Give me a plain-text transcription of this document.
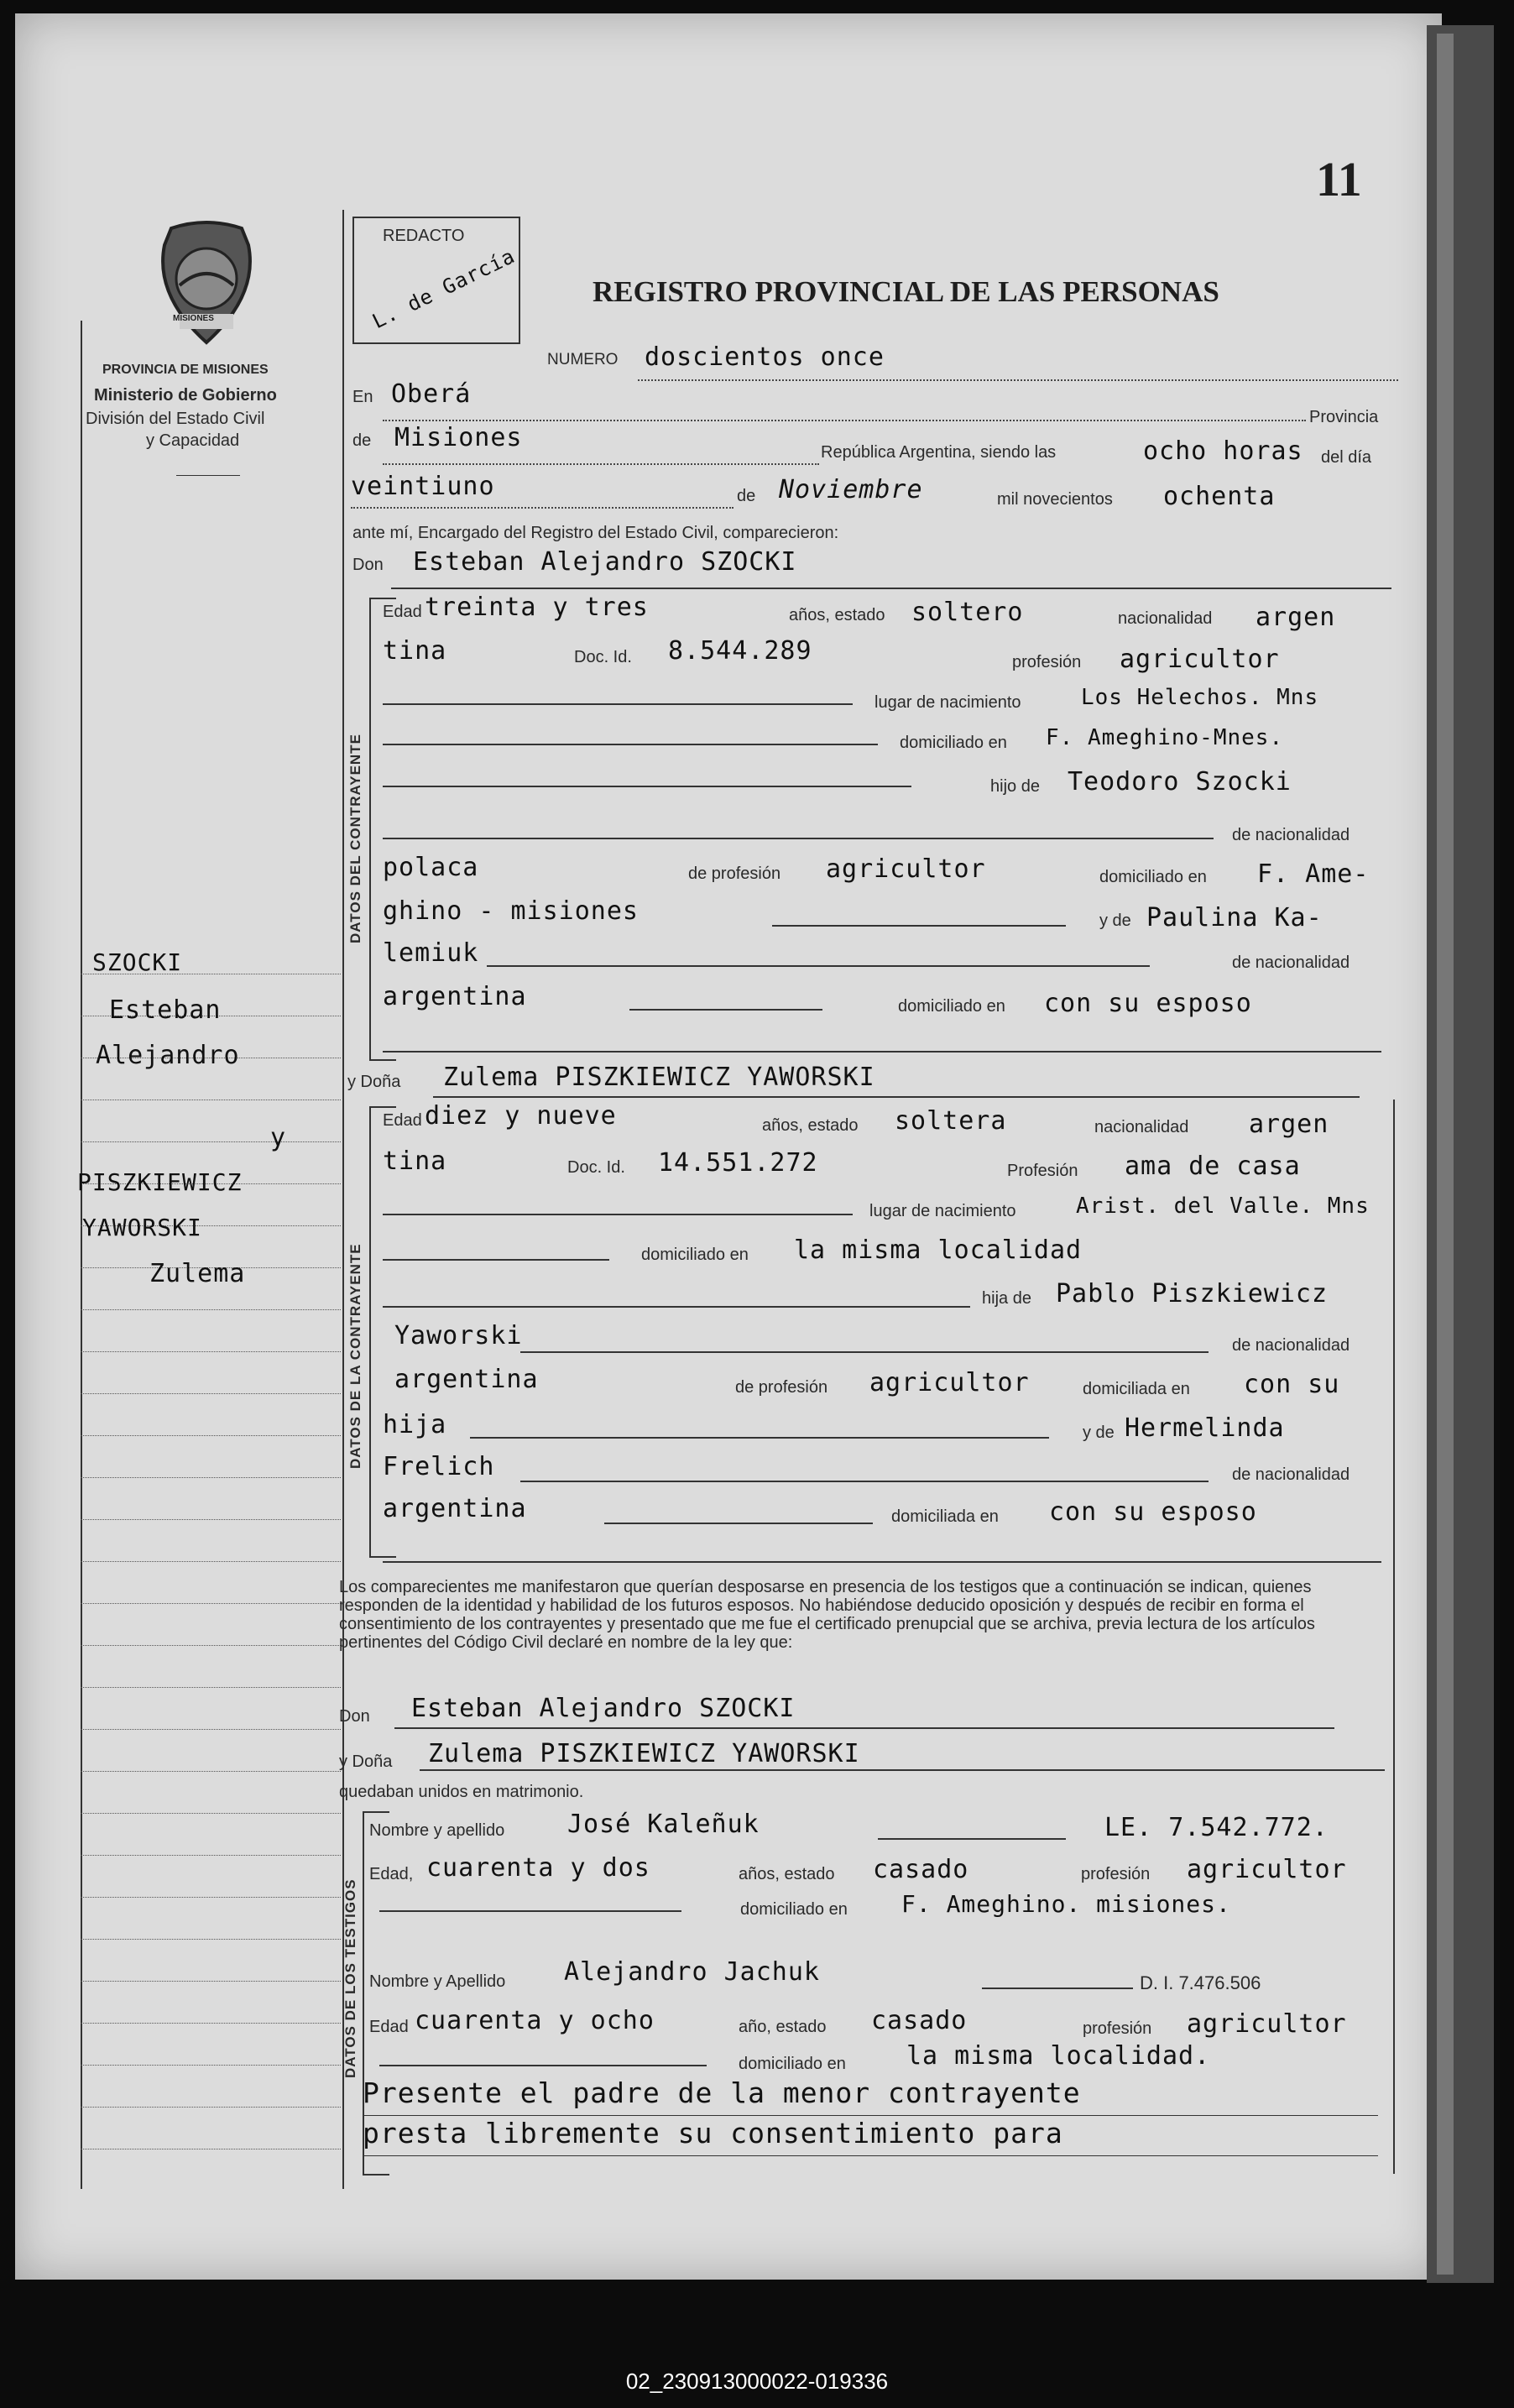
11
MISIONES
PROVINCIA DE MISIONES
Ministerio de Gobierno
División del Estado Civil
y Capacidad
REDACTO
L. de García	REGISTRO PROVINCIAL DE LAS PERSONAS
SZOCKI
Esteban
Alejandro
y
PISZKIEWICZ
YAWORSKI
Zulema
NUMERO doscientos once
En Oberá
Provincia
de Misiones	República Argentina, siendo las	ocho horas del día
veintiuno	de Noviembre	mil novecientos ochenta
ante mí, Encargado del Registro del Estado Civil, comparecieron:
Don Esteban Alejandro SZOCKI
DATOS DEL CONTRAYENTE
Edad treinta y tres	años, estado soltero	nacionalidad argen
tina	Doc. Id. 8.544.289	profesión agricultor
lugar de nacimiento	Los Helechos. Mns
domiciliado en F. Ameghino-Mnes.
hijo de Teodoro Szocki
de nacionalidad
polaca	de profesión agricultor	domiciliado en F. Ame-
ghino - misiones	y de Paulina Ka-
lemiuk	de nacionalidad
argentina	domiciliado en con su esposo
y Doña Zulema PISZKIEWICZ YAWORSKI
DATOS DE LA CONTRAYENTE
Edad diez y nueve	años, estado soltera	nacionalidad argen
tina	Doc. Id. 14.551.272	Profesión ama de casa
lugar de nacimiento	Arist. del Valle. Mns
domiciliado en la misma localidad
hija de Pablo Piszkiewicz
Yaworski	de nacionalidad
argentina	de profesión agricultor	domiciliada en con su
hija	y de Hermelinda
Frelich	de nacionalidad
argentina	domiciliada en con su esposo
Los comparecientes me manifestaron que querían desposarse en presencia de los testigos que a continuación se indican, quienes responden de la identidad y habilidad de los futuros esposos. No habiéndose deducido oposición y después de recibir en forma el consentimiento de los contrayentes y presentado que me fue el certificado prenupcial que se archiva, previa lectura de los artículos pertinentes del Código Civil declaré en nombre de la ley que:
Don Esteban Alejandro SZOCKI
y Doña Zulema PISZKIEWICZ YAWORSKI
quedaban unidos en matrimonio.
DATOS DE LOS TESTIGOS
Nombre y apellido José Kaleñuk	LE. 7.542.772.
Edad, cuarenta y dos	años, estado casado	profesión agricultor
domiciliado en F. Ameghino. misiones.
Nombre y Apellido Alejandro Jachuk	D. I. 7.476.506
Edad cuarenta y ocho	año, estado casado	profesión agricultor
domiciliado en la misma localidad.
Presente el padre de la menor contrayente
presta libremente su consentimiento para
02_230913000022-019336
